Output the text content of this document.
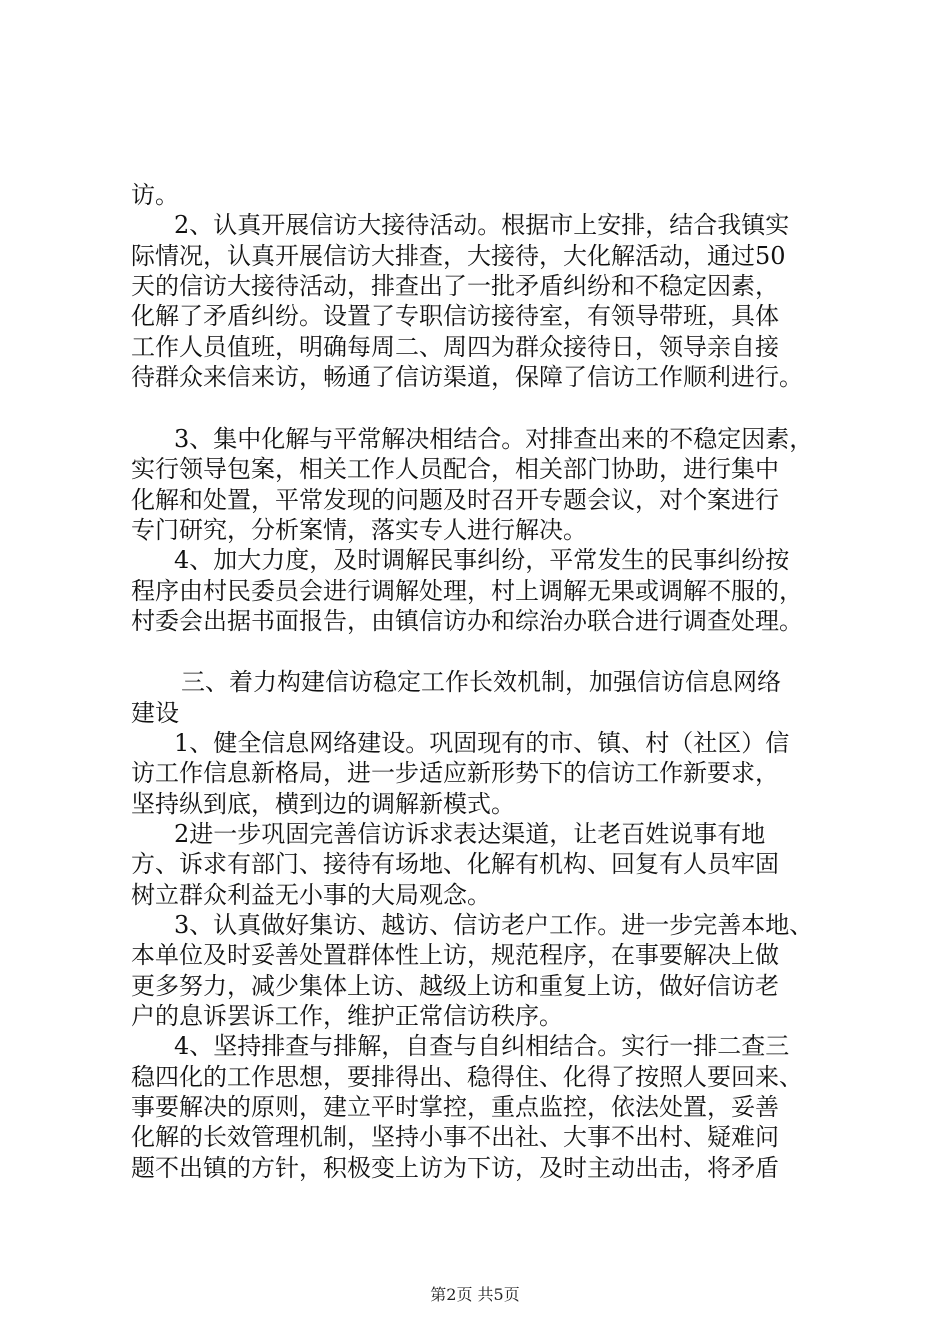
访。
2、认真开展信访大接待活动。根据市上安排，结合我镇实
际情况，认真开展信访大排查，大接待，大化解活动，通过50
天的信访大接待活动，排查出了一批矛盾纠纷和不稳定因素，
化解了矛盾纠纷。设置了专职信访接待室，有领导带班，具体
工作人员值班，明确每周二、周四为群众接待日，领导亲自接
待群众来信来访，畅通了信访渠道，保障了信访工作顺利进行。
3、集中化解与平常解决相结合。对排查出来的不稳定因素，
实行领导包案，相关工作人员配合，相关部门协助，进行集中
化解和处置，平常发现的问题及时召开专题会议，对个案进行
专门研究，分析案情，落实专人进行解决。
4、加大力度，及时调解民事纠纷，平常发生的民事纠纷按
程序由村民委员会进行调解处理，村上调解无果或调解不服的，
村委会出据书面报告，由镇信访办和综治办联合进行调查处理。
三、着力构建信访稳定工作长效机制，加强信访信息网络
建设
1、健全信息网络建设。巩固现有的市、镇、村（社区）信
访工作信息新格局，进一步适应新形势下的信访工作新要求，
坚持纵到底，横到边的调解新模式。
2进一步巩固完善信访诉求表达渠道，让老百姓说事有地
方、诉求有部门、接待有场地、化解有机构、回复有人员牢固
树立群众利益无小事的大局观念。
3、认真做好集访、越访、信访老户工作。进一步完善本地、
本单位及时妥善处置群体性上访，规范程序，在事要解决上做
更多努力，减少集体上访、越级上访和重复上访，做好信访老
户的息诉罢诉工作，维护正常信访秩序。
4、坚持排查与排解，自查与自纠相结合。实行一排二查三
稳四化的工作思想，要排得出、稳得住、化得了按照人要回来、
事要解决的原则，建立平时掌控，重点监控，依法处置，妥善
化解的长效管理机制，坚持小事不出社、大事不出村、疑难问
题不出镇的方针，积极变上访为下访，及时主动出击，将矛盾
第2页 共5页
